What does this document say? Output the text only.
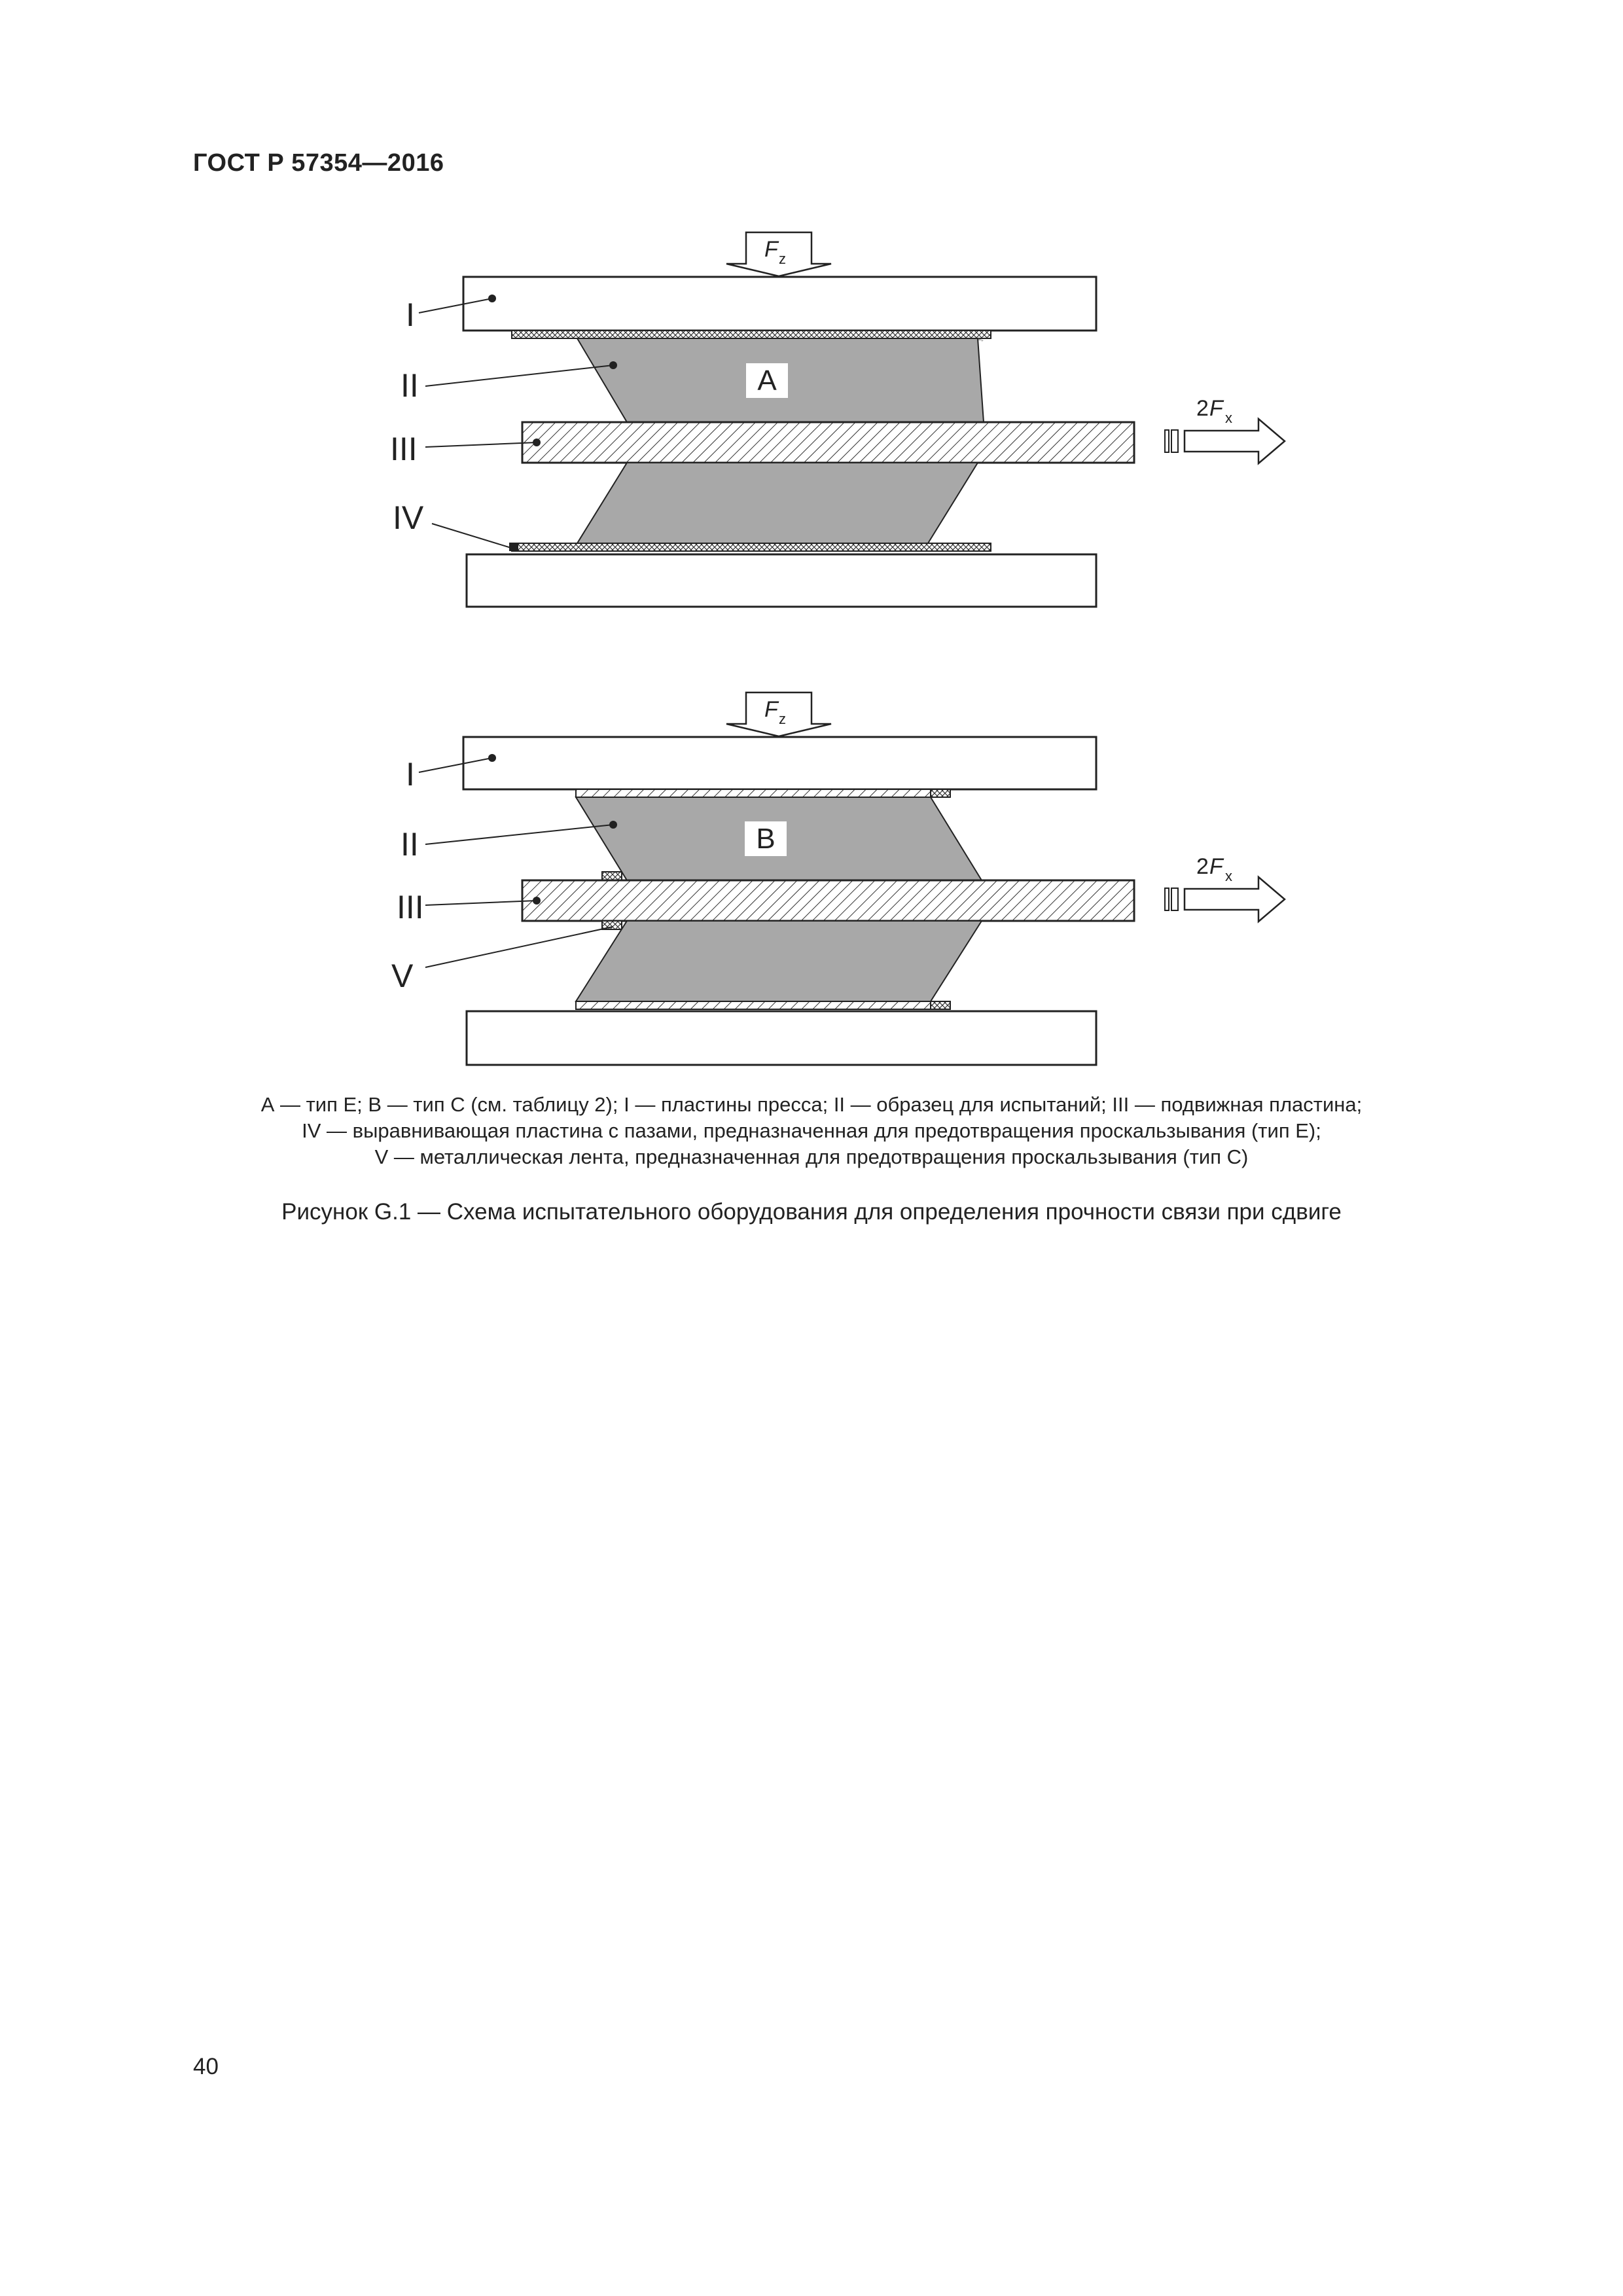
ГОСТ Р 57354—2016
F z
A
2 F x
I
II
III
IV
F z
B
2 F x
I
II
III
V
А — тип Е; В — тип С (см. таблицу 2); I — пластины пресса; II — образец для испытаний; III — подвижная пластина;
IV — выравнивающая пластина с пазами, предназначенная для предотвращения проскальзывания (тип Е);
V — металлическая лента, предназначенная для предотвращения проскальзывания (тип С)
Рисунок G.1 — Схема испытательного оборудования для определения прочности связи при сдвиге
40
